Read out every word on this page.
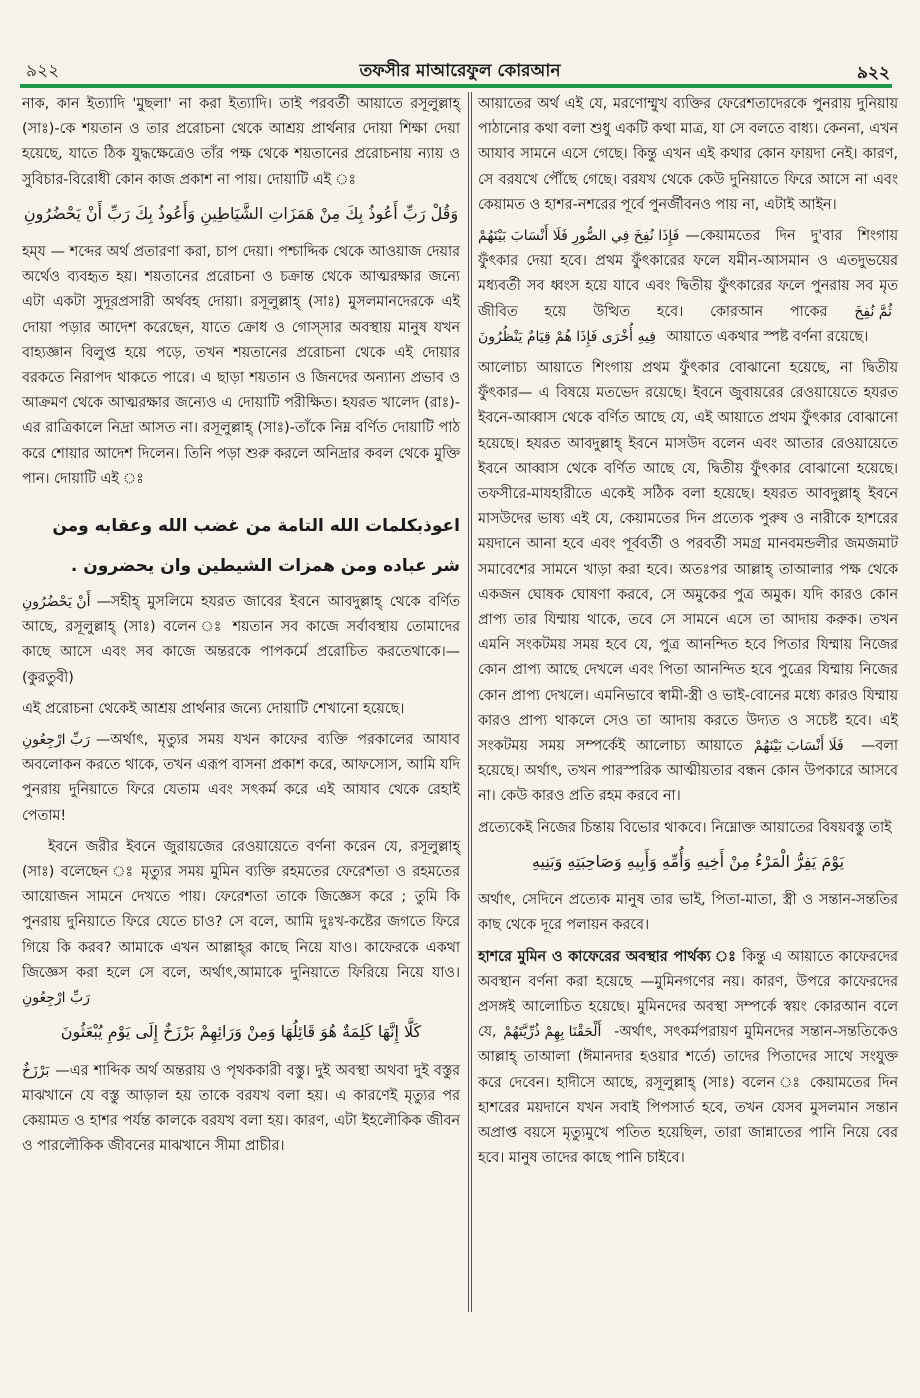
৯২২	তফসীর মাআরেফুল কোরআন	৯২২

নাক, কান ইত্যাদি 'মুছলা' না করা ইত্যাদি। তাই পরবর্তী আয়াতে রসূলুল্লাহ্ (সাঃ)-কে শয়তান ও তার প্ররোচনা থেকে আশ্রয় প্রার্থনার দোয়া শিক্ষা দেয়া হয়েছে, যাতে ঠিক যুদ্ধক্ষেত্রেও তাঁর পক্ষ থেকে শয়তানের প্ররোচনায় ন্যায় ও সুবিচার-বিরোধী কোন কাজ প্রকাশ না পায়। দোয়াটি এই ঃ

وَقُلْ رَبِّ أَعُوذُ بِكَ مِنْ هَمَزَاتِ الشَّيَاطِينِ وَأَعُوذُ بِكَ رَبِّ أَنْ يَحْضُرُونِ

হম্‌য — শব্দের অর্থ প্রতারণা করা, চাপ দেয়া। পশ্চাদ্দিক থেকে আওয়াজ দেয়ার অর্থেও ব্যবহৃত হয়। শয়তানের প্ররোচনা ও চক্রান্ত থেকে আত্মরক্ষার জন্যে এটা একটা সুদূরপ্রসারী অর্থবহ দোয়া। রসূলুল্লাহ্ (সাঃ) মুসলমানদেরকে এই দোয়া পড়ার আদেশ করেছেন, যাতে ক্রোধ ও গোস্‌সার অবস্থায় মানুষ যখন বাহ্যজ্ঞান বিলুপ্ত হয়ে পড়ে, তখন শয়তানের প্ররোচনা থেকে এই দোয়ার বরকতে নিরাপদ থাকতে পারে। এ ছাড়া শয়তান ও জিনদের অন্যান্য প্রভাব ও আক্রমণ থেকে আত্মরক্ষার জন্যেও এ দোয়াটি পরীক্ষিত। হযরত খালেদ (রাঃ)-এর রাত্রিকালে নিদ্রা আসত না। রসূলুল্লাহ্ (সাঃ)-তাঁকে নিম্ন বর্ণিত দোয়াটি পাঠ করে শোয়ার আদেশ দিলেন। তিনি পড়া শুরু করলে অনিদ্রার কবল থেকে মুক্তি পান। দোয়াটি এই ঃ

اعوذبكلمات الله التامة من غضب الله وعقابه ومن شر عباده ومن همزات الشيطين وان يحضرون .

أَنْ يَحْضُرُونِ —সহীহ্ মুসলিমে হযরত জাবের ইবনে আবদুল্লাহ্ থেকে বর্ণিত আছে, রসূলুল্লাহ্ (সাঃ) বলেন ঃ শয়তান সব কাজে সর্বাবস্থায় তোমাদের কাছে আসে এবং সব কাজে অন্তরকে পাপকর্মে প্ররোচিত করতেথাকে।—(কুরতুবী)

এই প্ররোচনা থেকেই আশ্রয় প্রার্থনার জন্যে দোয়াটি শেখানো হয়েছে।

رَبِّ ارْجِعُونِ —অর্থাৎ, মৃত্যুর সময় যখন কাফের ব্যক্তি পরকালের আযাব অবলোকন করতে থাকে, তখন এরূপ বাসনা প্রকাশ করে, আফসোস, আমি যদি পুনরায় দুনিয়াতে ফিরে যেতাম এবং সৎকর্ম করে এই আযাব থেকে রেহাই পেতাম!

ইবনে জরীর ইবনে জুরায়জের রেওয়ায়েতে বর্ণনা করেন যে, রসূলুল্লাহ্ (সাঃ) বলেছেন ঃ মৃত্যুর সময় মুমিন ব্যক্তি রহমতের ফেরেশতা ও রহমতের আয়োজন সামনে দেখতে পায়। ফেরেশতা তাকে জিজ্ঞেস করে ; তুমি কি পুনরায় দুনিয়াতে ফিরে যেতে চাও? সে বলে, আমি দুঃখ-কষ্টের জগতে ফিরে গিয়ে কি করব? আমাকে এখন আল্লাহ্‌র কাছে নিয়ে যাও। কাফেরকে একথা জিজ্ঞেস করা হলে সে বলে, অর্থাৎ,আমাকে দুনিয়াতে ফিরিয়ে নিয়ে যাও। رَبِّ ارْجِعُونِ

كَلَّا إِنَّهَا كَلِمَةٌ هُوَ قَائِلُهَا وَمِنْ وَرَائِهِمْ بَرْزَخٌ إِلَى يَوْمِ يُبْعَثُونَ

بَرْزَخٌ —এর শাব্দিক অর্থ অন্তরায় ও পৃথককারী বস্তু। দুই অবস্থা অথবা দুই বস্তুর মাঝখানে যে বস্তু আড়াল হয় তাকে বরযখ বলা হয়। এ কারণেই মৃত্যুর পর কেয়ামত ও হাশর পর্যন্ত কালকে বরযখ বলা হয়। কারণ, এটা ইহলৌকিক জীবন ও পারলৌকিক জীবনের মাঝখানে সীমা প্রাচীর।

আয়াতের অর্থ এই যে, মরণোম্মুখ ব্যক্তির ফেরেশতাদেরকে পুনরায় দুনিয়ায় পাঠানোর কথা বলা শুধু একটি কথা মাত্র, যা সে বলতে বাধ্য। কেননা, এখন আযাব সামনে এসে গেছে। কিন্তু এখন এই কথার কোন ফায়দা নেই। কারণ, সে বরযখে পৌঁছে গেছে। বরযখ থেকে কেউ দুনিয়াতে ফিরে আসে না এবং কেয়ামত ও হাশর-নশরের পূর্বে পুনর্জীবনও পায় না, এটাই আইন।

فَإِذَا نُفِخَ فِي الصُّورِ فَلَا أَنْسَابَ بَيْنَهُمْ —কেয়ামতের দিন দু'বার শিংগায় ফুঁৎকার দেয়া হবে। প্রথম ফুঁৎকারের ফলে যমীন-আসমান ও এতদুভয়ের মধ্যবর্তী সব ধ্বংস হয়ে যাবে এবং দ্বিতীয় ফুঁৎকারের ফলে পুনরায় সব মৃত জীবিত হয়ে উত্থিত হবে। কোরআন পাকের ثُمَّ نُفِخَ فِيهِ أُخْرَى فَإِذَا هُمْ قِيَامٌ يَنْظُرُونَ আয়াতে একথার স্পষ্ট বর্ণনা রয়েছে।

আলোচ্য আয়াতে শিংগায় প্রথম ফুঁৎকার বোঝানো হয়েছে, না দ্বিতীয় ফুঁৎকার— এ বিষয়ে মতভেদ রয়েছে। ইবনে জুবায়রের রেওয়ায়েতে হযরত ইবনে-আব্বাস থেকে বর্ণিত আছে যে, এই আয়াতে প্রথম ফুঁৎকার বোঝানো হয়েছে। হযরত আবদুল্লাহ্ ইবনে মাসউদ বলেন এবং আতার রেওয়ায়েতে ইবনে আব্বাস থেকে বর্ণিত আছে যে, দ্বিতীয় ফুঁৎকার বোঝানো হয়েছে। তফসীরে-মাযহারীতে একেই সঠিক বলা হয়েছে। হযরত আবদুল্লাহ্ ইবনে মাসউদের ভাষ্য এই যে, কেয়ামতের দিন প্রত্যেক পুরুষ ও নারীকে হাশরের ময়দানে আনা হবে এবং পূর্ববর্তী ও পরবর্তী সমগ্র মানবমন্ডলীর জমজমাট সমাবেশের সামনে খাড়া করা হবে। অতঃপর আল্লাহ্ তাআলার পক্ষ থেকে একজন ঘোষক ঘোষণা করবে, সে অমুকের পুত্র অমুক। যদি কারও কোন প্রাপ্য তার যিম্মায় থাকে, তবে সে সামনে এসে তা আদায় করুক। তখন এমনি সংকটময় সময় হবে যে, পুত্র আনন্দিত হবে পিতার যিম্মায় নিজের কোন প্রাপ্য আছে দেখলে এবং পিতা আনন্দিত হবে পুত্রের যিম্মায় নিজের কোন প্রাপ্য দেখলে। এমনিভাবে স্বামী-স্ত্রী ও ভাই-বোনের মধ্যে কারও যিম্মায় কারও প্রাপ্য থাকলে সেও তা আদায় করতে উদ্যত ও সচেষ্ট হবে। এই সংকটময় সময় সম্পর্কেই আলোচ্য আয়াতে فَلَا أَنْسَابَ بَيْنَهُمْ —বলা হয়েছে। অর্থাৎ, তখন পারস্পরিক আত্মীয়তার বন্ধন কোন উপকারে আসবে না। কেউ কারও প্রতি রহম করবে না।

প্রত্যেকেই নিজের চিন্তায় বিভোর থাকবে। নিম্নোক্ত আয়াতের বিষয়বস্তু তাই

يَوْمَ يَفِرُّ الْمَرْءُ مِنْ أَخِيهِ وَأُمِّهِ وَأَبِيهِ وَصَاحِبَتِهِ وَبَنِيهِ

অর্থাৎ, সেদিনে প্রত্যেক মানুষ তার ভাই, পিতা-মাতা, স্ত্রী ও সন্তান-সন্ততির কাছ থেকে দূরে পলায়ন করবে।

হাশরে মুমিন ও কাফেরের অবস্থার পার্থক্য ঃ কিন্তু এ আয়াতে কাফেরদের অবস্থান বর্ণনা করা হয়েছে —মুমিনগণের নয়। কারণ, উপরে কাফেরদের প্রসঙ্গই আলোচিত হয়েছে। মুমিনদের অবস্থা সম্পর্কে স্বয়ং কোরআন বলে যে, أَلْحَقْنَا بِهِمْ ذُرِّيَّتَهُمْ -অর্থাৎ, সৎকর্মপরায়ণ মুমিনদের সন্তান-সন্ততিকেও আল্লাহ্ তাআলা (ঈমানদার হওয়ার শর্তে) তাদের পিতাদের সাথে সংযুক্ত করে দেবেন। হাদীসে আছে, রসূলুল্লাহ্ (সাঃ) বলেন ঃ কেয়ামতের দিন হাশরের ময়দানে যখন সবাই পিপসার্ত হবে, তখন যেসব মুসলমান সন্তান অপ্রাপ্ত বয়সে মৃত্যুমুখে পতিত হয়েছিল, তারা জান্নাতের পানি নিয়ে বের হবে। মানুষ তাদের কাছে পানি চাইবে।
